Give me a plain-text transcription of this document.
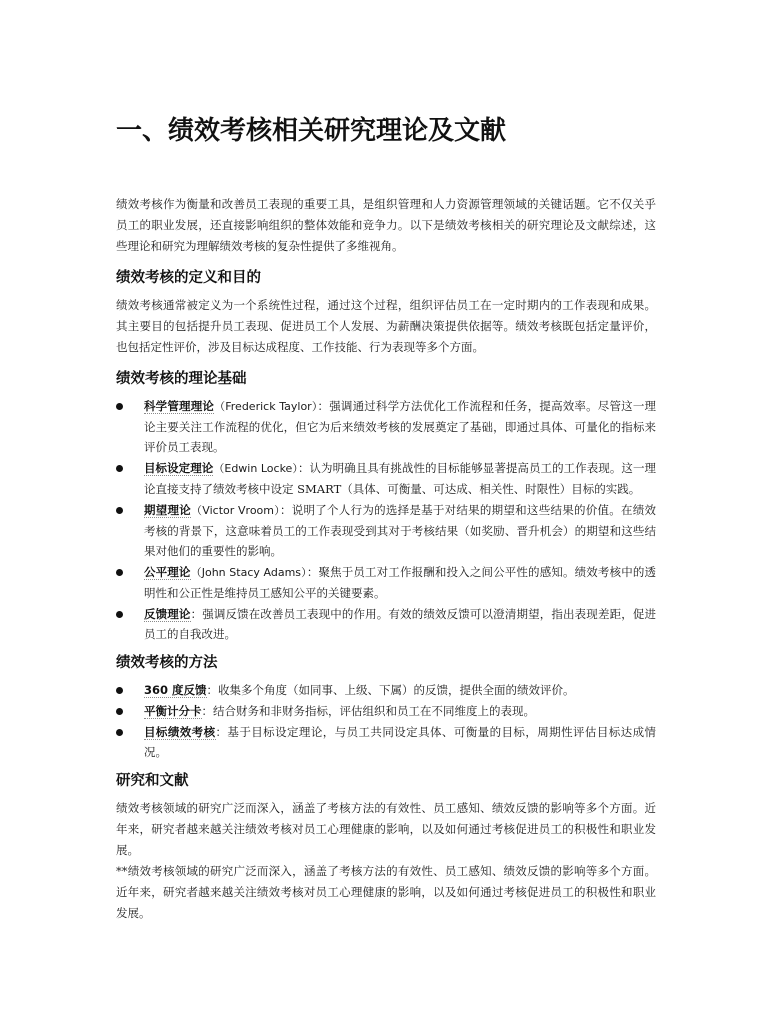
一、绩效考核相关研究理论及文献

绩效考核作为衡量和改善员工表现的重要工具，是组织管理和人力资源管理领域的关键话题。它不仅关乎员工的职业发展，还直接影响组织的整体效能和竞争力。以下是绩效考核相关的研究理论及文献综述，这些理论和研究为理解绩效考核的复杂性提供了多维视角。

绩效考核的定义和目的

绩效考核通常被定义为一个系统性过程，通过这个过程，组织评估员工在一定时期内的工作表现和成果。其主要目的包括提升员工表现、促进员工个人发展、为薪酬决策提供依据等。绩效考核既包括定量评价，也包括定性评价，涉及目标达成程度、工作技能、行为表现等多个方面。

绩效考核的理论基础
科学管理理论（Frederick Taylor）：强调通过科学方法优化工作流程和任务，提高效率。尽管这一理论主要关注工作流程的优化，但它为后来绩效考核的发展奠定了基础，即通过具体、可量化的指标来评价员工表现。
目标设定理论（Edwin Locke）：认为明确且具有挑战性的目标能够显著提高员工的工作表现。这一理论直接支持了绩效考核中设定 SMART（具体、可衡量、可达成、相关性、时限性）目标的实践。
期望理论（Victor Vroom）：说明了个人行为的选择是基于对结果的期望和这些结果的价值。在绩效考核的背景下，这意味着员工的工作表现受到其对于考核结果（如奖励、晋升机会）的期望和这些结果对他们的重要性的影响。
公平理论（John Stacy Adams）：聚焦于员工对工作报酬和投入之间公平性的感知。绩效考核中的透明性和公正性是维持员工感知公平的关键要素。
反馈理论：强调反馈在改善员工表现中的作用。有效的绩效反馈可以澄清期望，指出表现差距，促进员工的自我改进。
绩效考核的方法
360 度反馈：收集多个角度（如同事、上级、下属）的反馈，提供全面的绩效评价。
平衡计分卡：结合财务和非财务指标，评估组织和员工在不同维度上的表现。
目标绩效考核：基于目标设定理论，与员工共同设定具体、可衡量的目标，周期性评估目标达成情况。
研究和文献

绩效考核领域的研究广泛而深入，涵盖了考核方法的有效性、员工感知、绩效反馈的影响等多个方面。近年来，研究者越来越关注绩效考核对员工心理健康的影响，以及如何通过考核促进员工的积极性和职业发展。

**绩效考核领域的研究广泛而深入，涵盖了考核方法的有效性、员工感知、绩效反馈的影响等多个方面。近年来，研究者越来越关注绩效考核对员工心理健康的影响，以及如何通过考核促进员工的积极性和职业发展。
